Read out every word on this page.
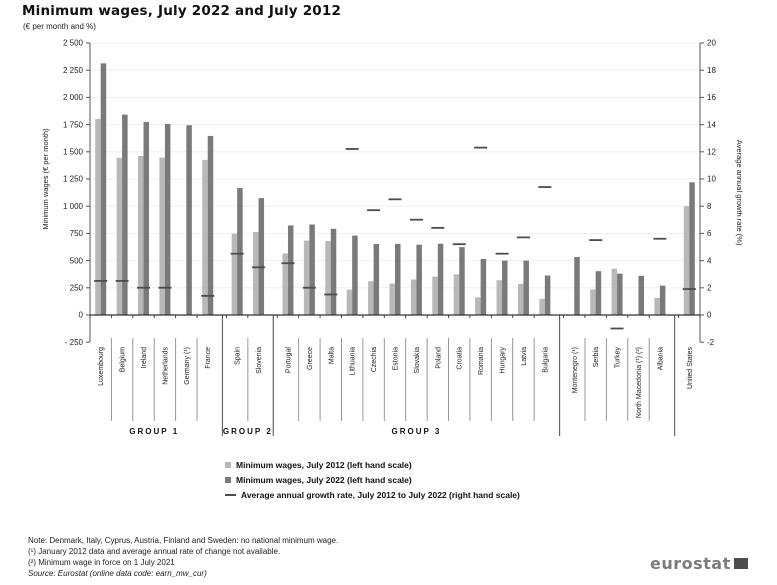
Minimum wages, July 2022 and July 2012
(€ per month and %)
- 250
0
250
500
750
1 000
1 250
1 500
1 750
2 000
2 250
2 500
-2
0
2
4
6
8
10
12
14
16
18
20
Minimum wages (€ per month)	Average annual growth rate (%)
Luxembourg Belgium Ireland Netherlands Germany (¹) France	Spain Slovenia	Portugal Greece Malta Lithuania Czechia Estonia Slovakia Poland Croatia Romania Hungary Latvia Bulgaria	Montenegro (¹) Serbia Turkey North Macedonia (¹) (²) Albania	United States
GROUP 1	GROUP 2	GROUP 3
Minimum wages, July 2012 (left hand scale)
Minimum wages, July 2022 (left hand scale)
Average annual growth rate, July 2012 to July 2022 (right hand scale)
Note: Denmark, Italy, Cyprus, Austria, Finland and Sweden: no national minimum wage.
(¹) January 2012 data and average annual rate of change not available.
(²) Minimum wage in force on 1 July 2021
Source: Eurostat (online data code: earn_mw_cur)
eurostat
